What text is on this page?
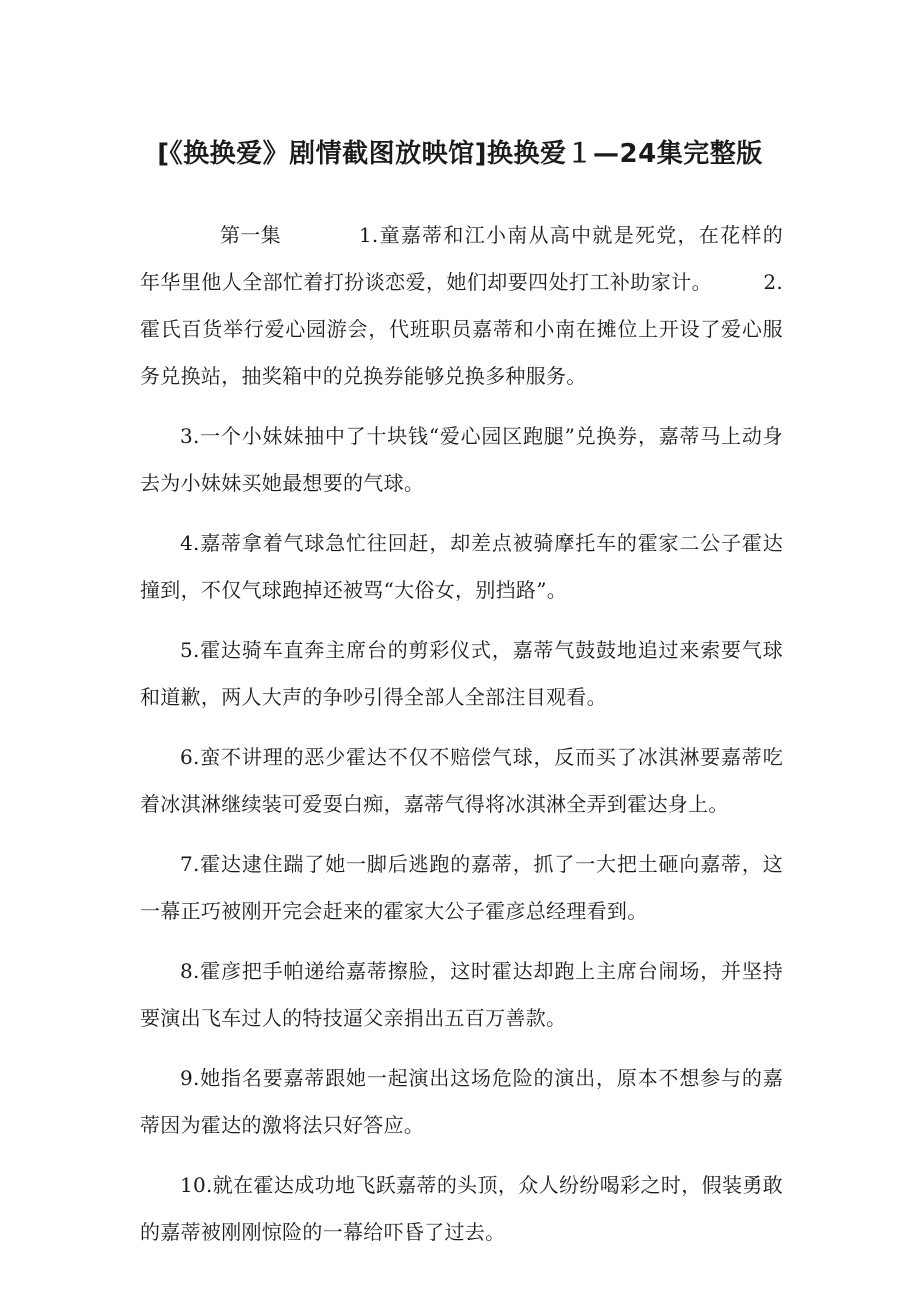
[《换换爱》剧情截图放映馆]换换爱１—24集完整版

第一集	1.童嘉蒂和江小南从高中就是死党，在花样的年华里他人全部忙着打扮谈恋爱，她们却要四处打工补助家计。　　　2.霍氏百货举行爱心园游会，代班职员嘉蒂和小南在摊位上开设了爱心服务兑换站，抽奖箱中的兑换券能够兑换多种服务。

3.一个小妹妹抽中了十块钱“爱心园区跑腿”兑换券，嘉蒂马上动身去为小妹妹买她最想要的气球。

4.嘉蒂拿着气球急忙往回赶，却差点被骑摩托车的霍家二公子霍达撞到，不仅气球跑掉还被骂“大俗女，别挡路”。

5.霍达骑车直奔主席台的剪彩仪式，嘉蒂气鼓鼓地追过来索要气球和道歉，两人大声的争吵引得全部人全部注目观看。

6.蛮不讲理的恶少霍达不仅不赔偿气球，反而买了冰淇淋要嘉蒂吃着冰淇淋继续装可爱耍白痴，嘉蒂气得将冰淇淋全弄到霍达身上。

7.霍达逮住踹了她一脚后逃跑的嘉蒂，抓了一大把土砸向嘉蒂，这一幕正巧被刚开完会赶来的霍家大公子霍彦总经理看到。

8.霍彦把手帕递给嘉蒂擦脸，这时霍达却跑上主席台闹场，并坚持要演出飞车过人的特技逼父亲捐出五百万善款。

9.她指名要嘉蒂跟她一起演出这场危险的演出，原本不想参与的嘉蒂因为霍达的激将法只好答应。

10.就在霍达成功地飞跃嘉蒂的头顶，众人纷纷喝彩之时，假装勇敢的嘉蒂被刚刚惊险的一幕给吓昏了过去。
